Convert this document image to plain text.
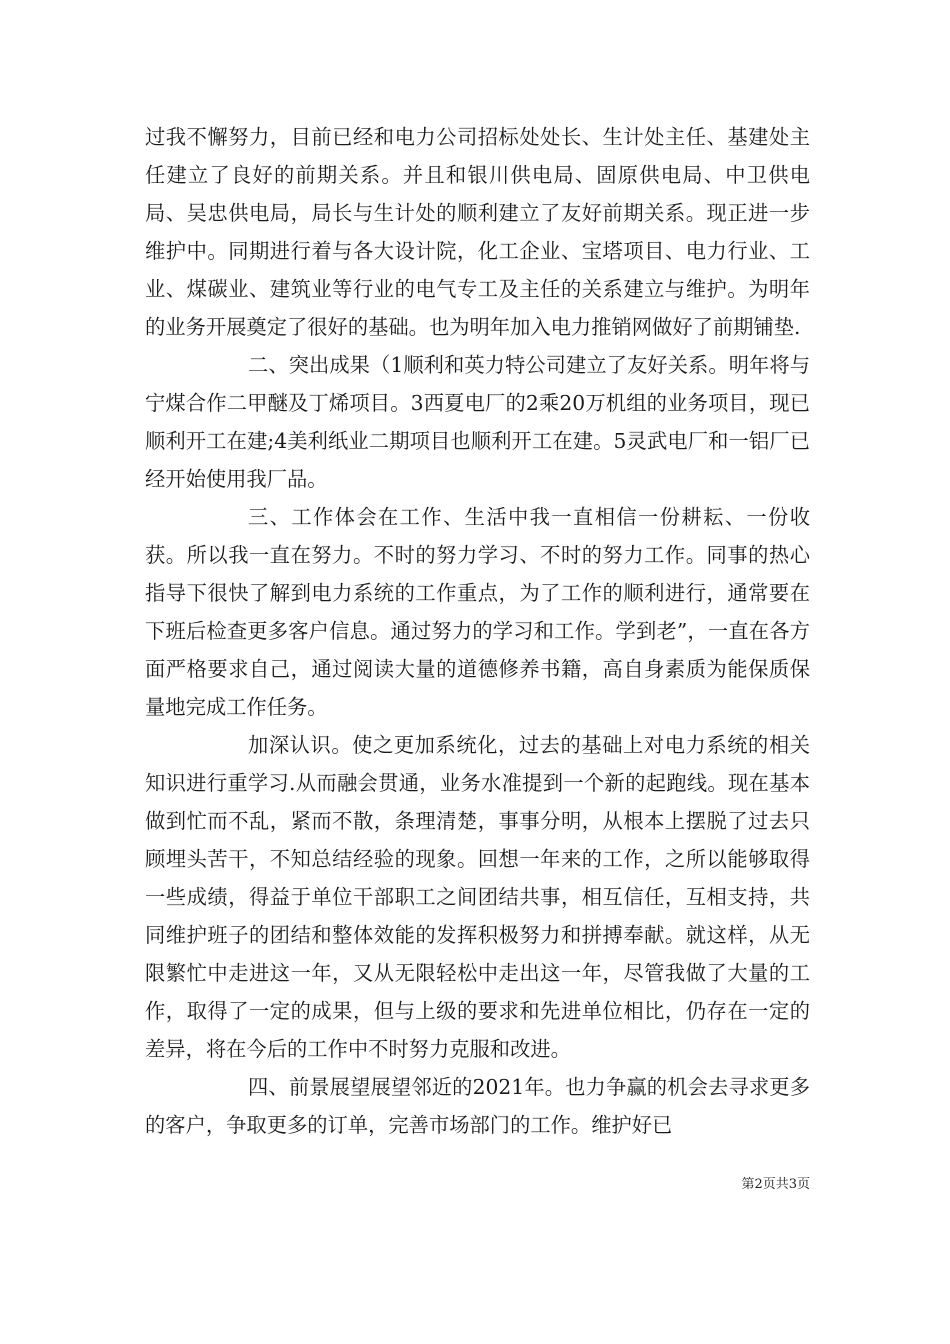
过我不懈努力，目前已经和电力公司招标处处长、生计处主任、基建处主任建立了良好的前期关系。并且和银川供电局、固原供电局、中卫供电局、吴忠供电局，局长与生计处的顺利建立了友好前期关系。现正进一步维护中。同期进行着与各大设计院，化工企业、宝塔项目、电力行业、工业、煤碳业、建筑业等行业的电气专工及主任的关系建立与维护。为明年的业务开展奠定了很好的基础。也为明年加入电力推销网做好了前期铺垫.

二、突出成果（1顺利和英力特公司建立了友好关系。明年将与宁煤合作二甲醚及丁烯项目。3西夏电厂的2乘20万机组的业务项目，现已顺利开工在建;4美利纸业二期项目也顺利开工在建。5灵武电厂和一铝厂已经开始使用我厂品。

三、工作体会在工作、生活中我一直相信一份耕耘、一份收获。所以我一直在努力。不时的努力学习、不时的努力工作。同事的热心指导下很快了解到电力系统的工作重点，为了工作的顺利进行，通常要在下班后检查更多客户信息。通过努力的学习和工作。学到老”，一直在各方面严格要求自己，通过阅读大量的道德修养书籍，高自身素质为能保质保量地完成工作任务。

加深认识。使之更加系统化，过去的基础上对电力系统的相关知识进行重学习.从而融会贯通，业务水准提到一个新的起跑线。现在基本做到忙而不乱，紧而不散，条理清楚，事事分明，从根本上摆脱了过去只顾埋头苦干，不知总结经验的现象。回想一年来的工作，之所以能够取得一些成绩，得益于单位干部职工之间团结共事，相互信任，互相支持，共同维护班子的团结和整体效能的发挥积极努力和拼搏奉献。就这样，从无限繁忙中走进这一年，又从无限轻松中走出这一年，尽管我做了大量的工作，取得了一定的成果，但与上级的要求和先进单位相比，仍存在一定的差异，将在今后的工作中不时努力克服和改进。

四、前景展望展望邻近的2021年。也力争赢的机会去寻求更多的客户，争取更多的订单，完善市场部门的工作。维护好已

第2页共3页
